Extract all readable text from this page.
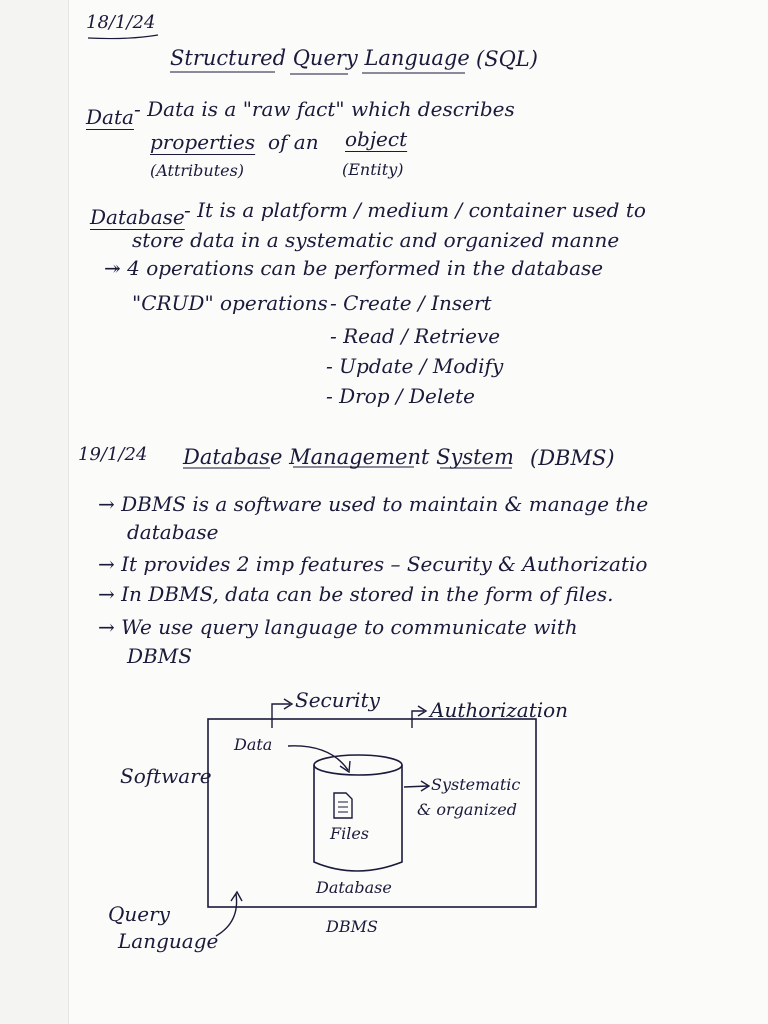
18/1/24
Structured Query Language (SQL)
Data - Data is a "raw fact" which describes
properties of an object
(Attributes)	(Entity)
Database - It is a platform / medium / container used to
store data in a systematic and organized manne
↠ 4 operations can be performed in the database
"CRUD" operations - Create / Insert
- Read / Retrieve
- Update / Modify
- Drop / Delete
19/1/24 Database Management System (DBMS)
→ DBMS is a software used to maintain & manage the
database
→ It provides 2 imp features – Security & Authorizatio
→ In DBMS, data can be stored in the form of files.
→ We use query language to communicate with
DBMS
Security	Authorization
Data
Software	Systematic
& organized
Files
Database
DBMS
Query
Language
